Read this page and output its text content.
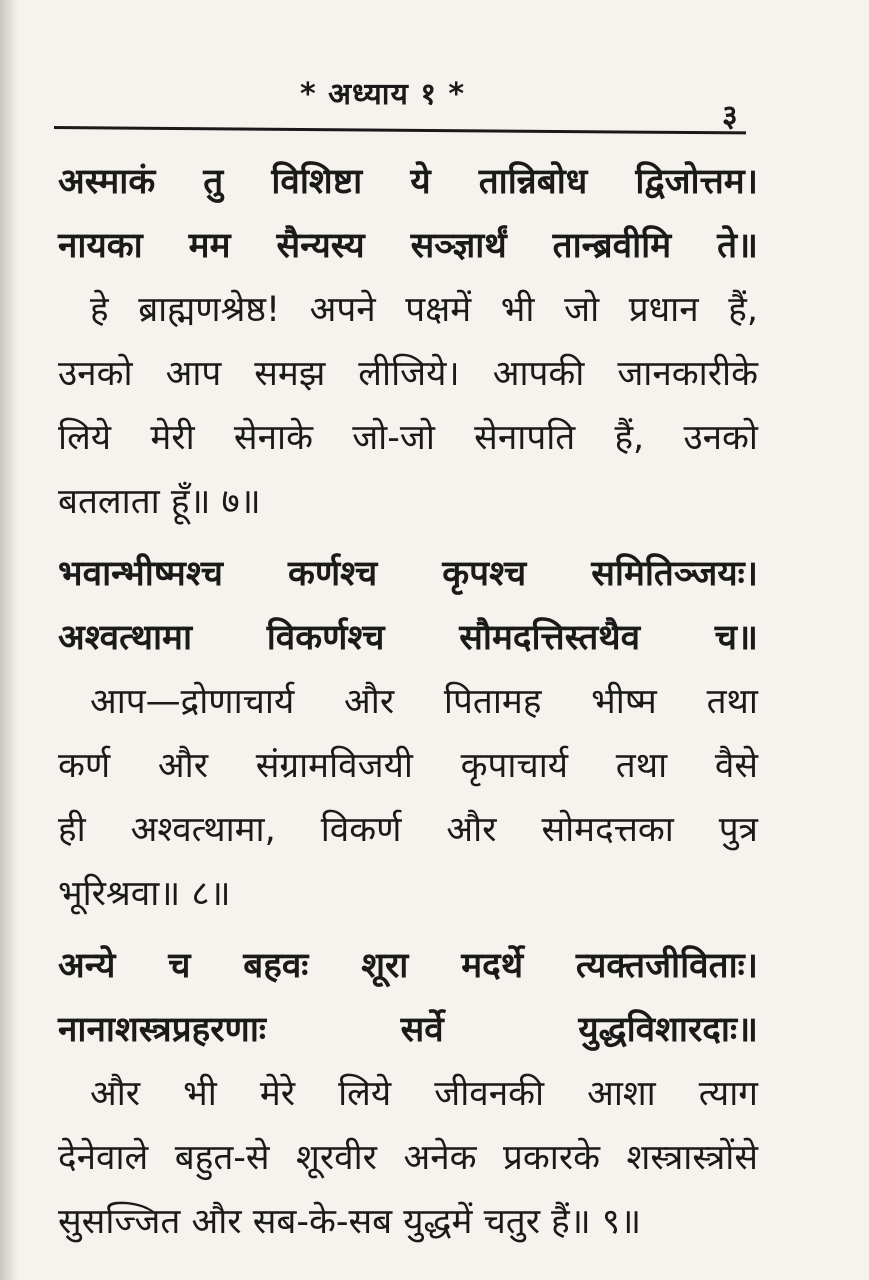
* अध्याय १ *
३
अस्माकं तु विशिष्टा ये तान्निबोध द्विजोत्तम।
नायका मम सैन्यस्य सञ्ज्ञार्थं तान्ब्रवीमि ते॥
हे ब्राह्मणश्रेष्ठ! अपने पक्षमें भी जो प्रधान हैं,
उनको आप समझ लीजिये। आपकी जानकारीके
लिये मेरी सेनाके जो-जो सेनापति हैं, उनको
बतलाता हूँ॥ ७॥
भवान्भीष्मश्च कर्णश्च कृपश्च समितिञ्जयः।
अश्वत्थामा विकर्णश्च सौमदत्तिस्तथैव च॥
आप—द्रोणाचार्य और पितामह भीष्म तथा
कर्ण और संग्रामविजयी कृपाचार्य तथा वैसे
ही अश्वत्थामा, विकर्ण और सोमदत्तका पुत्र
भूरिश्रवा॥ ८॥
अन्ये च बहवः शूरा मदर्थे त्यक्तजीविताः।
नानाशस्त्रप्रहरणाः सर्वे युद्धविशारदाः॥
और भी मेरे लिये जीवनकी आशा त्याग
देनेवाले बहुत-से शूरवीर अनेक प्रकारके शस्त्रास्त्रोंसे
सुसज्जित और सब-के-सब युद्धमें चतुर हैं॥ ९॥
